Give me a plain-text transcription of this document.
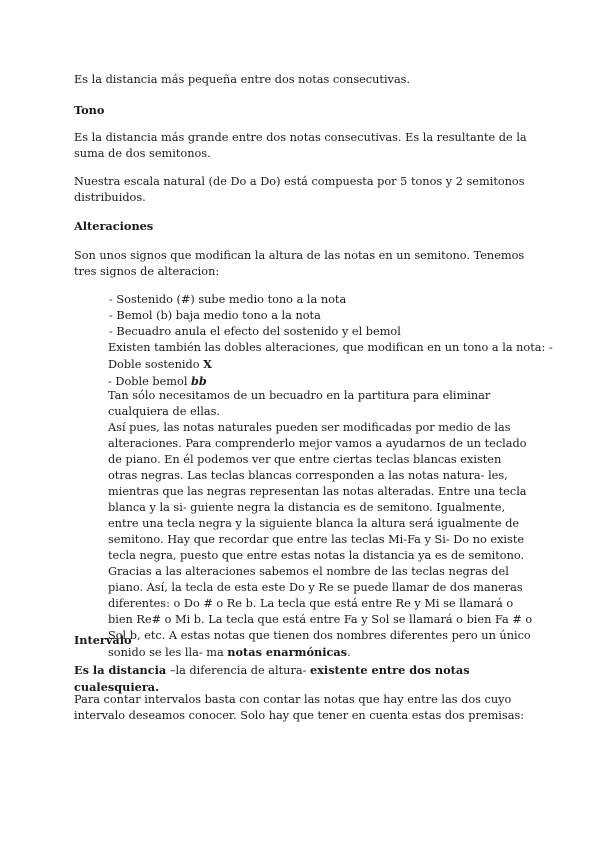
Es la distancia más pequeña entre dos notas consecutivas.

Tono

Es la distancia más grande entre dos notas consecutivas. Es la resultante de la suma de dos semitonos.

Nuestra escala natural (de Do a Do) está compuesta por 5 tonos y 2 semitonos distribuidos.

Alteraciones

Son unos signos que modifican la altura de las notas en un semitono. Tenemos tres signos de alteracion:

- Sostenido (#) sube medio tono a la nota
- Bemol (b) baja medio tono a la nota
- Becuadro anula el efecto del sostenido y el bemol
Existen también las dobles alteraciones, que modifican en un tono a la nota: -
Doble sostenido X
- Doble bemol bb

Tan sólo necesitamos de un becuadro en la partitura para eliminar cualquiera de ellas.

Así pues, las notas naturales pueden ser modificadas por medio de las alteraciones. Para comprenderlo mejor vamos a ayudarnos de un teclado de piano. En él podemos ver que entre ciertas teclas blancas existen otras negras. Las teclas blancas corresponden a las notas natura- les, mientras que las negras representan las notas alteradas. Entre una tecla blanca y la si- guiente negra la distancia es de semitono. Igualmente, entre una tecla negra y la siguiente blanca la altura será igualmente de semitono. Hay que recordar que entre las teclas Mi-Fa y Si- Do no existe tecla negra, puesto que entre estas notas la distancia ya es de semitono.

Gracias a las alteraciones sabemos el nombre de las teclas negras del piano. Así, la tecla de esta este Do y Re se puede llamar de dos maneras diferentes: o Do # o Re b. La tecla que está entre Re y Mi se llamará o bien Re# o Mi b. La tecla que está entre Fa y Sol se llamará o bien Fa # o Sol b, etc. A estas notas que tienen dos nombres diferentes pero un único sonido se les lla- ma notas enarmónicas.

Intervalo

Es la distancia –la diferencia de altura- existente entre dos notas cualesquiera.

Para contar intervalos basta con contar las notas que hay entre las dos cuyo intervalo deseamos conocer. Solo hay que tener en cuenta estas dos premisas:
